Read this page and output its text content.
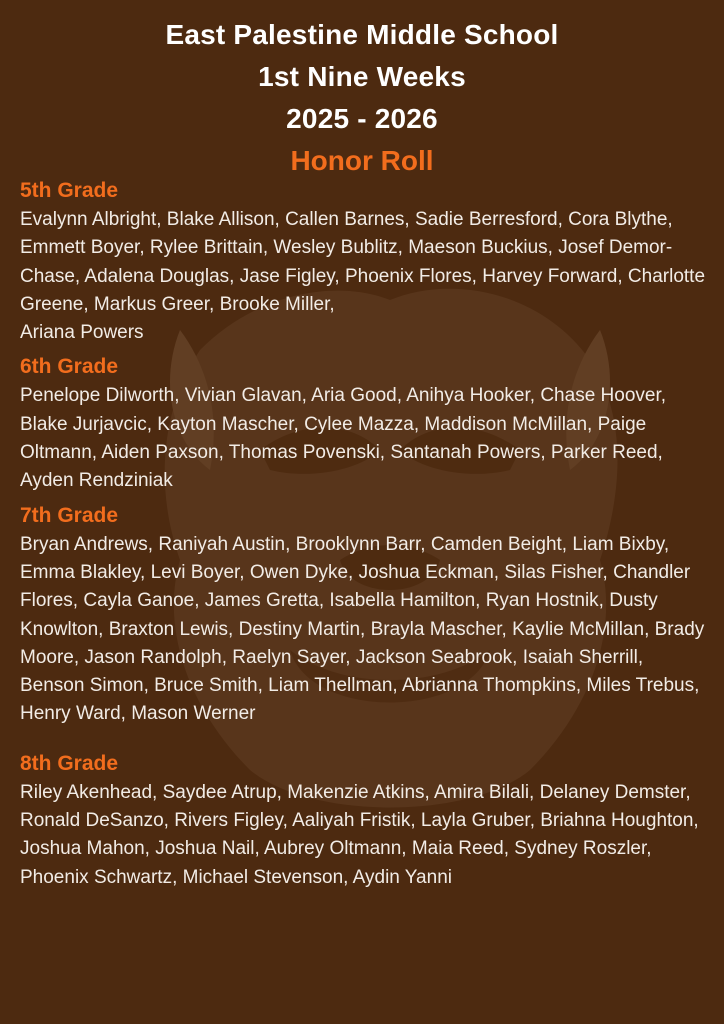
East Palestine Middle School
1st Nine Weeks
2025 - 2026
Honor Roll
5th Grade

Evalynn Albright, Blake Allison, Callen Barnes, Sadie Berresford, Cora Blythe, Emmett Boyer, Rylee Brittain, Wesley Bublitz, Maeson Buckius, Josef Demor-Chase, Adalena Douglas, Jase Figley, Phoenix Flores, Harvey Forward, Charlotte Greene, Markus Greer, Brooke Miller,

Ariana Powers

6th Grade

Penelope Dilworth, Vivian Glavan, Aria Good, Anihya Hooker, Chase Hoover, Blake Jurjavcic, Kayton Mascher, Cylee Mazza, Maddison McMillan, Paige Oltmann, Aiden Paxson, Thomas Povenski, Santanah Powers, Parker Reed, Ayden Rendziniak

7th Grade

Bryan Andrews, Raniyah Austin, Brooklynn Barr, Camden Beight, Liam Bixby, Emma Blakley, Levi Boyer, Owen Dyke, Joshua Eckman, Silas Fisher, Chandler Flores, Cayla Ganoe, James Gretta, Isabella Hamilton, Ryan Hostnik, Dusty Knowlton, Braxton Lewis, Destiny Martin, Brayla Mascher, Kaylie McMillan, Brady Moore, Jason Randolph, Raelyn Sayer, Jackson Seabrook, Isaiah Sherrill, Benson Simon, Bruce Smith, Liam Thellman, Abrianna Thompkins, Miles Trebus, Henry Ward, Mason Werner

8th Grade

Riley Akenhead, Saydee Atrup, Makenzie Atkins, Amira Bilali, Delaney Demster, Ronald DeSanzo, Rivers Figley, Aaliyah Fristik, Layla Gruber, Briahna Houghton, Joshua Mahon, Joshua Nail, Aubrey Oltmann, Maia Reed, Sydney Roszler, Phoenix Schwartz, Michael Stevenson, Aydin Yanni
